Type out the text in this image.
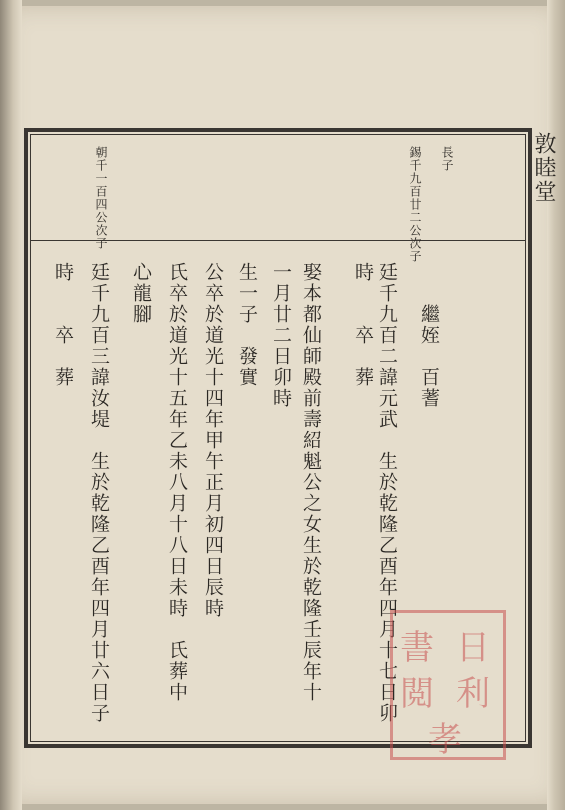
敦睦堂
長子
錫千九百廿二公次子
朝千一百四公次子
廷千九百二諱元武　生於乾隆乙酉年四月十七日卯
時　　卒　葬 　　繼姪　百蓍
娶本都仙師殿前壽紹魁公之女生於乾隆壬辰年十
一月廿二日卯時
生一子　發實
公卒於道光十四年甲午正月初四日辰時
氏卒於道光十五年乙未八月十八日未時　氏葬中
心龍腳
廷千九百三諱汝堤　生於乾隆乙酉年四月廿六日子
時　　卒　葬
日
書
利
閲
孝
